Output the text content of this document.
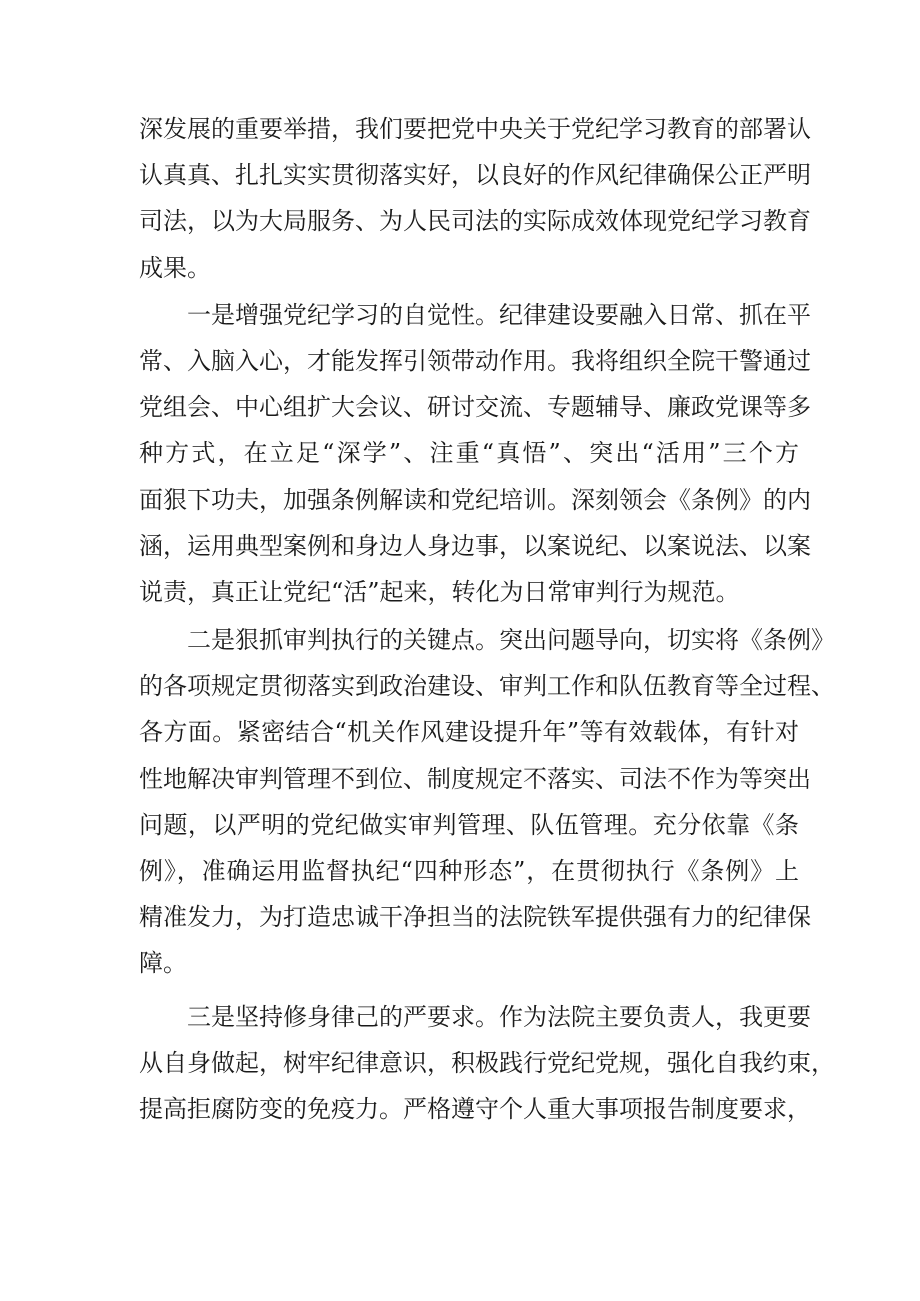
深发展的重要举措，我们要把党中央关于党纪学习教育的部署认
认真真、扎扎实实贯彻落实好，以良好的作风纪律确保公正严明
司法，以为大局服务、为人民司法的实际成效体现党纪学习教育
成果。
一是增强党纪学习的自觉性。纪律建设要融入日常、抓在平
常、入脑入心，才能发挥引领带动作用。我将组织全院干警通过
党组会、中心组扩大会议、研讨交流、专题辅导、廉政党课等多
种方式，在立足“深学”、注重“真悟”、突出“活用”三个方
面狠下功夫，加强条例解读和党纪培训。深刻领会《条例》的内
涵，运用典型案例和身边人身边事，以案说纪、以案说法、以案
说责，真正让党纪“活”起来，转化为日常审判行为规范。
二是狠抓审判执行的关键点。突出问题导向，切实将《条例》
的各项规定贯彻落实到政治建设、审判工作和队伍教育等全过程、
各方面。紧密结合“机关作风建设提升年”等有效载体，有针对
性地解决审判管理不到位、制度规定不落实、司法不作为等突出
问题，以严明的党纪做实审判管理、队伍管理。充分依靠《条
例》，准确运用监督执纪“四种形态”，在贯彻执行《条例》上
精准发力，为打造忠诚干净担当的法院铁军提供强有力的纪律保
障。
三是坚持修身律己的严要求。作为法院主要负责人，我更要
从自身做起，树牢纪律意识，积极践行党纪党规，强化自我约束，
提高拒腐防变的免疫力。严格遵守个人重大事项报告制度要求，
